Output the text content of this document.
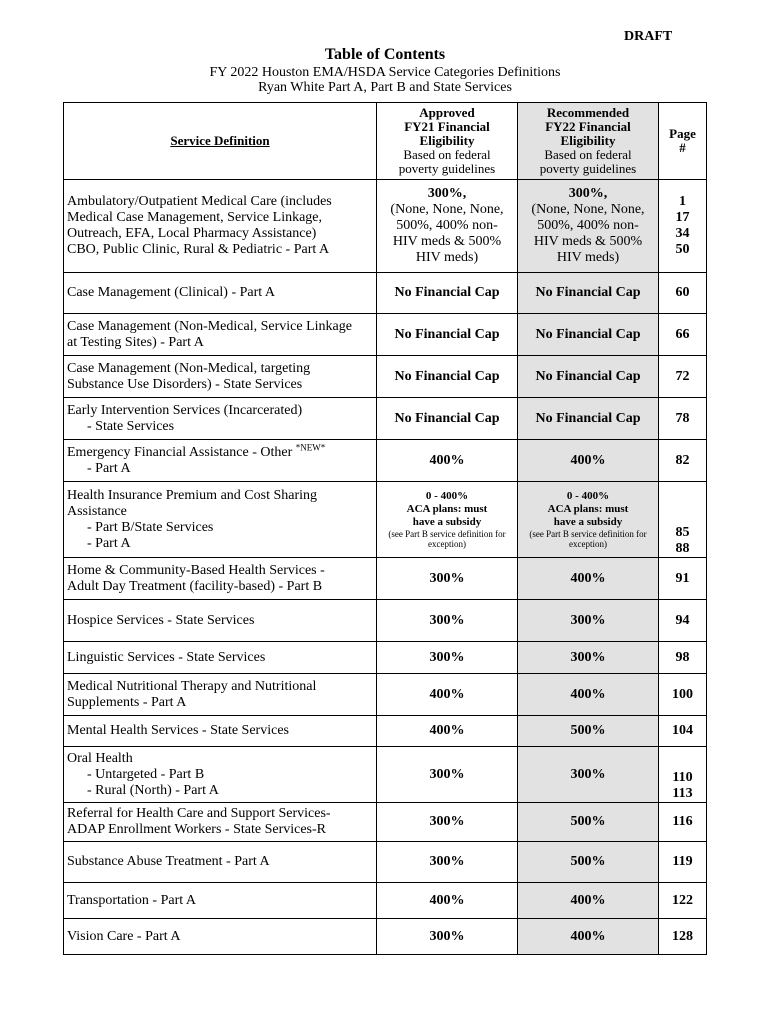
DRAFT
Table of Contents
FY 2022 Houston EMA/HSDA Service Categories Definitions
Ryan White Part A, Part B and State Services
Service Definition	Approved
FY21 Financial
Eligibility
Based on federal
poverty guidelines	Recommended
FY22 Financial
Eligibility
Based on federal
poverty guidelines	Page
#

Ambulatory/Outpatient Medical Care (includes
Medical Case Management, Service Linkage,
Outreach, EFA, Local Pharmacy Assistance)
CBO, Public Clinic, Rural & Pediatric - Part A	300%,
(None, None, None,
500%, 400% non-
HIV meds & 500%
HIV meds)	300%,
(None, None, None,
500%, 400% non-
HIV meds & 500%
HIV meds)	1
17
34
50

Case Management (Clinical) - Part A	No Financial Cap	No Financial Cap	60

Case Management (Non-Medical, Service Linkage
at Testing Sites) - Part A	No Financial Cap	No Financial Cap	66

Case Management (Non-Medical, targeting
Substance Use Disorders) - State Services	No Financial Cap	No Financial Cap	72

Early Intervention Services (Incarcerated)
- State Services	No Financial Cap	No Financial Cap	78

Emergency Financial Assistance - Other $^{*NEW*}$
- Part A	400%	400%	82

Health Insurance Premium and Cost Sharing
Assistance
- Part B/State Services
- Part A	0 - 400%
ACA plans: must
have a subsidy
(see Part B service definition for exception)	0 - 400%
ACA plans: must
have a subsidy
(see Part B service definition for exception)	85
88

Home & Community-Based Health Services -
Adult Day Treatment (facility-based) - Part B	300%	400%	91

Hospice Services - State Services	300%	300%	94

Linguistic Services - State Services	300%	300%	98

Medical Nutritional Therapy and Nutritional
Supplements - Part A	400%	400%	100

Mental Health Services - State Services	400%	500%	104

Oral Health
- Untargeted - Part B
- Rural (North) - Part A	300%	300%	110
113

Referral for Health Care and Support Services-
ADAP Enrollment Workers - State Services-R	300%	500%	116

Substance Abuse Treatment - Part A	300%	500%	119

Transportation - Part A	400%	400%	122

Vision Care - Part A	300%	400%	128
